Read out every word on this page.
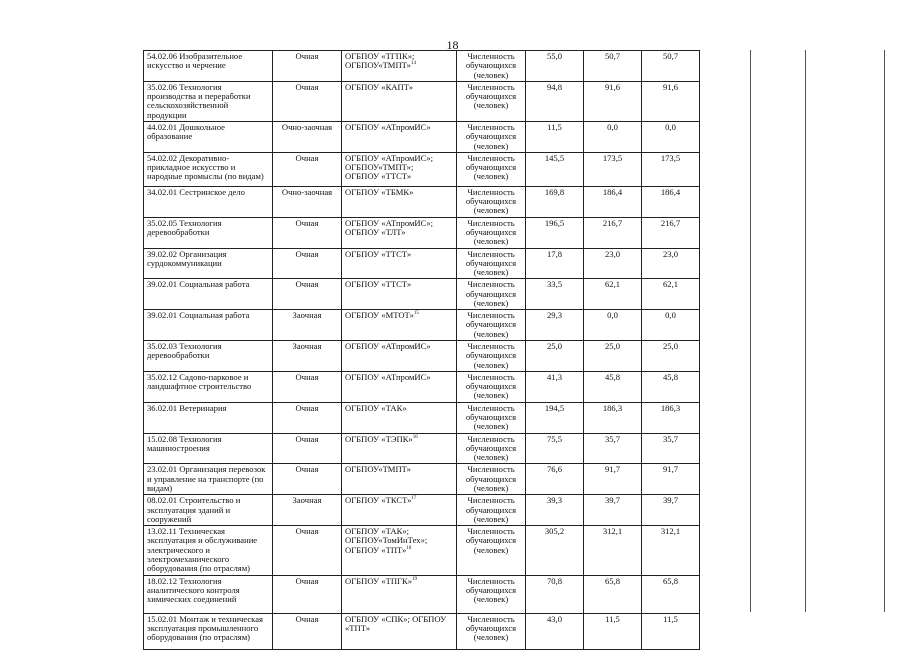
18
54.02.06 Изобразительное искусство и черчение	Очная	ОГБПОУ «ТГПК»;
ОГБПОУ«ТМПТ»$^{14}$	Численность обучающихся (человек)	55,0	50,7	50,7
35.02.06 Технология производства и переработки сельскохозяйственной продукции	Очная	ОГБПОУ «КАПТ»	Численность обучающихся (человек)	94,8	91,6	91,6
44.02.01 Дошкольное образование	Очно-заочная	ОГБПОУ «АТпромИС»	Численность обучающихся (человек)	11,5	0,0	0,0
54.02.02 Декоративно-прикладное искусство и народные промыслы (по видам)	Очная	ОГБПОУ «АТпромИС»;
ОГБПОУ«ТМПТ»;
ОГБПОУ «ТТСТ»	Численность обучающихся (человек)	145,5	173,5	173,5
34.02.01 Сестринское дело	Очно-заочная	ОГБПОУ «ТБМК»	Численность обучающихся (человек)	169,8	186,4	186,4
35.02.05 Технология деревообработки	Очная	ОГБПОУ «АТпромИС»;
ОГБПОУ «ТЛТ»	Численность обучающихся (человек)	196,5	216,7	216,7
39.02.02 Организация сурдокоммуникации	Очная	ОГБПОУ «ТТСТ»	Численность обучающихся (человек)	17,8	23,0	23,0
39.02.01 Социальная работа	Очная	ОГБПОУ «ТТСТ»	Численность обучающихся (человек)	33,5	62,1	62,1
39.02.01 Социальная работа	Заочная	ОГБПОУ «МТОТ»$^{15}$	Численность обучающихся (человек)	29,3	0,0	0,0
35.02.03 Технология деревообработки	Заочная	ОГБПОУ «АТпромИС»	Численность обучающихся (человек)	25,0	25,0	25,0
35.02.12 Садово-парковое и ландшафтное строительство	Очная	ОГБПОУ «АТпромИС»	Численность обучающихся (человек)	41,3	45,8	45,8
36.02.01 Ветеринария	Очная	ОГБПОУ «ТАК»	Численность обучающихся (человек)	194,5	186,3	186,3
15.02.08 Технология машиностроения	Очная	ОГБПОУ «ТЭПК»$^{16}$	Численность обучающихся (человек)	75,5	35,7	35,7
23.02.01 Организация перевозок и управление на транспорте (по видам)	Очная	ОГБПОУ«ТМПТ»	Численность обучающихся (человек)	76,6	91,7	91,7
08.02.01 Строительство и эксплуатация зданий и сооружений	Заочная	ОГБПОУ «ТКСТ»$^{17}$	Численность обучающихся (человек)	39,3	39,7	39,7
13.02.11 Техническая эксплуатация и обслуживание электрического и электромеханического оборудования (по отраслям)	Очная	ОГБПОУ «ТАК»;
ОГБПОУ«ТомИнТех»;
ОГБПОУ «ТПТ»$^{18}$	Численность обучающихся (человек)	305,2	312,1	312,1
18.02.12 Технология аналитического контроля химических соединений	Очная	ОГБПОУ «ТПГК»$^{19}$	Численность обучающихся (человек)	70,8	65,8	65,8
15.02.01 Монтаж и техническая эксплуатация промышленного оборудования (по отраслям)	Очная	ОГБПОУ «СПК»; ОГБПОУ «ТПТ»	Численность обучающихся (человек)	43,0	11,5	11,5
